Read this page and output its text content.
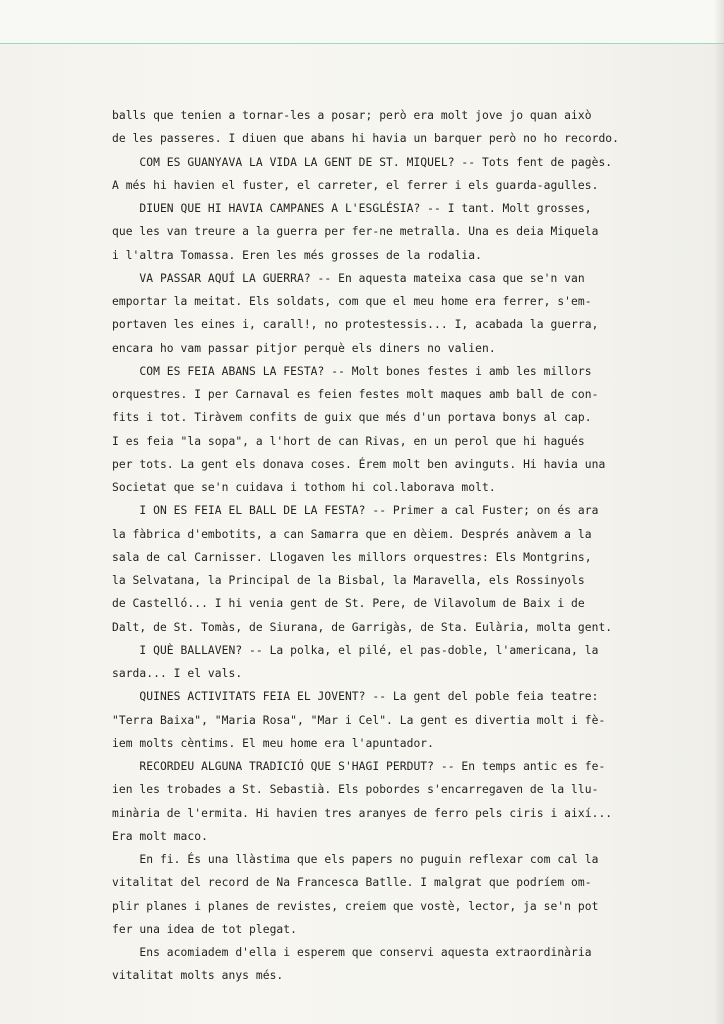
balls que tenien a tornar-les a posar; però era molt jove jo quan això
de les passeres. I diuen que abans hi havia un barquer però no ho recordo.
COM ES GUANYAVA LA VIDA LA GENT DE ST. MIQUEL? -- Tots fent de pagès.
A més hi havien el fuster, el carreter, el ferrer i els guarda-agulles.
DIUEN QUE HI HAVIA CAMPANES A L'ESGLÉSIA? -- I tant. Molt grosses,
que les van treure a la guerra per fer-ne metralla. Una es deia Miquela
i l'altra Tomassa. Eren les més grosses de la rodalia.
VA PASSAR AQUÍ LA GUERRA? -- En aquesta mateixa casa que se'n van
emportar la meitat. Els soldats, com que el meu home era ferrer, s'em-
portaven les eines i, carall!, no protestessis... I, acabada la guerra,
encara ho vam passar pitjor perquè els diners no valien.
COM ES FEIA ABANS LA FESTA? -- Molt bones festes i amb les millors
orquestres. I per Carnaval es feien festes molt maques amb ball de con-
fits i tot. Tiràvem confits de guix que més d'un portava bonys al cap.
I es feia "la sopa", a l'hort de can Rivas, en un perol que hi hagués
per tots. La gent els donava coses. Érem molt ben avinguts. Hi havia una
Societat que se'n cuidava i tothom hi col.laborava molt.
I ON ES FEIA EL BALL DE LA FESTA? -- Primer a cal Fuster; on és ara
la fàbrica d'embotits, a can Samarra que en dèiem. Després anàvem a la
sala de cal Carnisser. Llogaven les millors orquestres: Els Montgrins,
la Selvatana, la Principal de la Bisbal, la Maravella, els Rossinyols
de Castelló... I hi venia gent de St. Pere, de Vilavolum de Baix i de
Dalt, de St. Tomàs, de Siurana, de Garrigàs, de Sta. Eulària, molta gent.
I QUÈ BALLAVEN? -- La polka, el pilé, el pas-doble, l'americana, la
sarda... I el vals.
QUINES ACTIVITATS FEIA EL JOVENT? -- La gent del poble feia teatre:
"Terra Baixa", "Maria Rosa", "Mar i Cel". La gent es divertia molt i fè-
iem molts cèntims. El meu home era l'apuntador.
RECORDEU ALGUNA TRADICIÓ QUE S'HAGI PERDUT? -- En temps antic es fe-
ien les trobades a St. Sebastià. Els pobordes s'encarregaven de la llu-
minària de l'ermita. Hi havien tres aranyes de ferro pels ciris i així...
Era molt maco.
En fi. És una llàstima que els papers no puguin reflexar com cal la
vitalitat del record de Na Francesca Batlle. I malgrat que podríem om-
plir planes i planes de revistes, creiem que vostè, lector, ja se'n pot
fer una idea de tot plegat.
Ens acomiadem d'ella i esperem que conservi aquesta extraordinària
vitalitat molts anys més.
